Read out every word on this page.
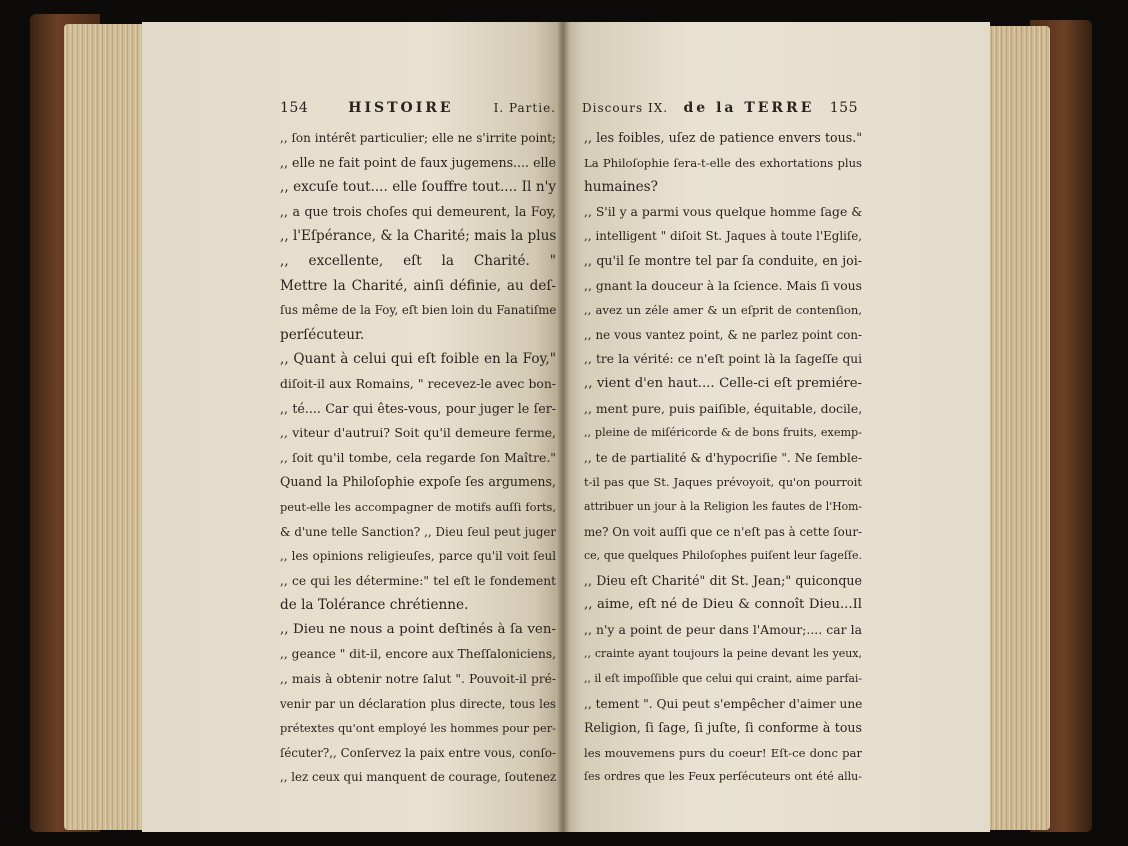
154	HISTOIRE	I. Partie.
,, ſon intérêt particulier; elle ne s'irrite point;
,, elle ne fait point de faux jugemens.... elle
,, excuſe tout.... elle ſouffre tout.... Il n'y
,, a que trois choſes qui demeurent, la Foy,
,, l'Eſpérance, & la Charité; mais la plus
,, excellente, eſt la Charité. "
Mettre la Charité, ainſi définie, au deſ-
ſus même de la Foy, eſt bien loin du Fanatiſme
perſécuteur.
,, Quant à celui qui eſt foible en la Foy,"
diſoit-il aux Romains, " recevez-le avec bon-
,, té.... Car qui êtes-vous, pour juger le ſer-
,, viteur d'autrui? Soit qu'il demeure ferme,
,, ſoit qu'il tombe, cela regarde ſon Maître."
Quand la Philoſophie expoſe ſes argumens,
peut-elle les accompagner de motifs auſſi forts,
& d'une telle Sanction? ,, Dieu ſeul peut juger
,, les opinions religieuſes, parce qu'il voit ſeul
,, ce qui les détermine:" tel eſt le fondement
de la Tolérance chrétienne.
,, Dieu ne nous a point deſtinés à ſa ven-
,, geance " dit-il, encore aux Theſſaloniciens,
,, mais à obtenir notre ſalut ". Pouvoit-il pré-
venir par un déclaration plus directe, tous les
prétextes qu'ont employé les hommes pour per-
ſécuter?,, Conſervez la paix entre vous, conſo-
,, lez ceux qui manquent de courage, ſoutenez
Discours IX. de la TERRE 155
,, les foibles, uſez de patience envers tous."
La Philoſophie ſera-t-elle des exhortations plus
humaines?
,, S'il y a parmi vous quelque homme ſage &
,, intelligent " diſoit St. Jaques à toute l'Egliſe,
,, qu'il ſe montre tel par ſa conduite, en joi-
,, gnant la douceur à la ſcience. Mais ſi vous
,, avez un zéle amer & un eſprit de contenſion,
,, ne vous vantez point, & ne parlez point con-
,, tre la vérité: ce n'eſt point là la ſageſſe qui
,, vient d'en haut.... Celle-ci eſt premiére-
,, ment pure, puis paiſible, équitable, docile,
,, pleine de miſéricorde & de bons fruits, exemp-
,, te de partialité & d'hypocriſie ". Ne ſemble-
t-il pas que St. Jaques prévoyoit, qu'on pourroit
attribuer un jour à la Religion les fautes de l'Hom-
me? On voit auſſi que ce n'eſt pas à cette ſour-
ce, que quelques Philoſophes puiſent leur ſageſſe.
,, Dieu eſt Charité" dit St. Jean;" quiconque
,, aime, eſt né de Dieu & connoît Dieu...Il
,, n'y a point de peur dans l'Amour;.... car la
,, crainte ayant toujours la peine devant les yeux,
,, il eſt impoſſible que celui qui craint, aime parfai-
,, tement ". Qui peut s'empêcher d'aimer une
Religion, ſi ſage, ſi juſte, ſi conforme à tous
les mouvemens purs du coeur! Eſt-ce donc par
ſes ordres que les Feux perſécuteurs ont été allu-
